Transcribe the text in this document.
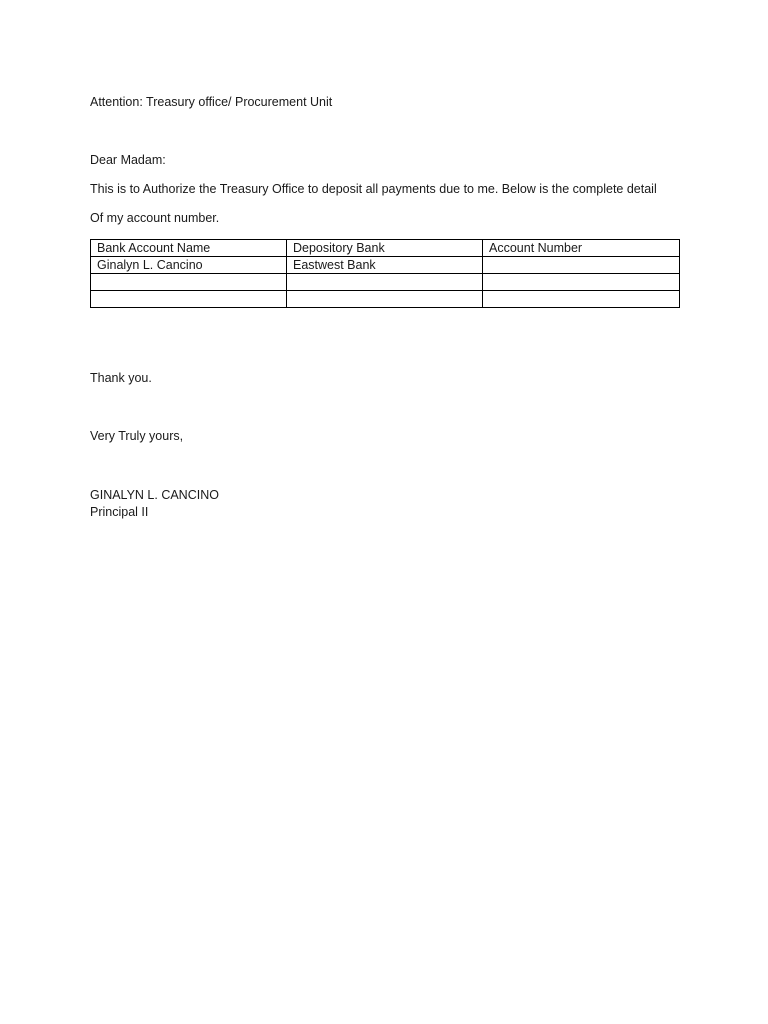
Attention: Treasury office/ Procurement Unit
Dear Madam:
This is to Authorize the Treasury Office to deposit all payments due to me. Below is the complete detail
Of my account number.
Bank Account Name	Depository Bank	Account Number
Ginalyn L. Cancino	Eastwest Bank	

Thank you.
Very Truly yours,
GINALYN L. CANCINO
Principal II
